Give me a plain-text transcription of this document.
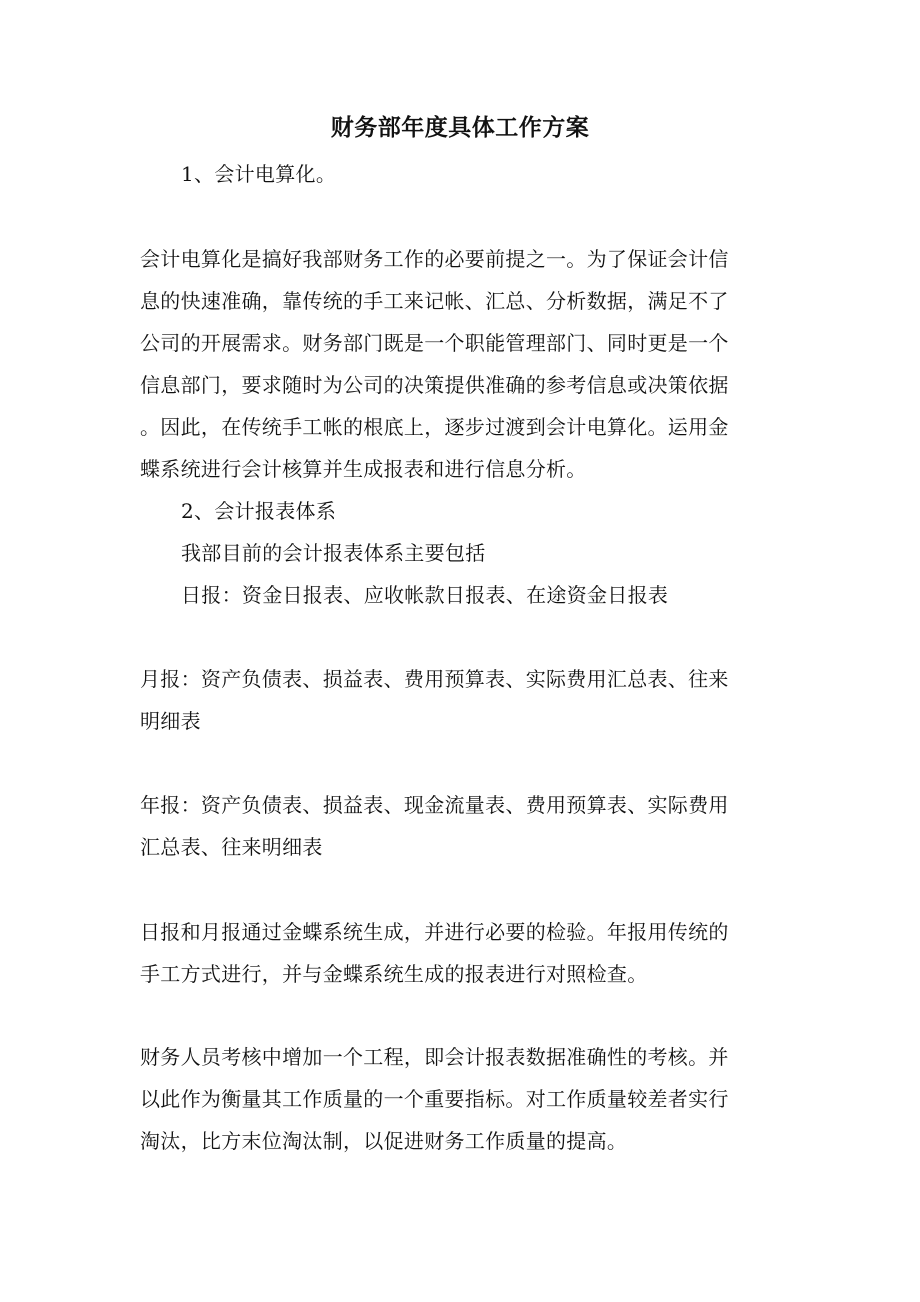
财务部年度具体工作方案
1、会计电算化。
会计电算化是搞好我部财务工作的必要前提之一。为了保证会计信
息的快速准确，靠传统的手工来记帐、汇总、分析数据，满足不了
公司的开展需求。财务部门既是一个职能管理部门、同时更是一个
信息部门，要求随时为公司的决策提供准确的参考信息或决策依据
。因此，在传统手工帐的根底上，逐步过渡到会计电算化。运用金
蝶系统进行会计核算并生成报表和进行信息分析。
2、会计报表体系
我部目前的会计报表体系主要包括
日报：资金日报表、应收帐款日报表、在途资金日报表
月报：资产负债表、损益表、费用预算表、实际费用汇总表、往来
明细表
年报：资产负债表、损益表、现金流量表、费用预算表、实际费用
汇总表、往来明细表
日报和月报通过金蝶系统生成，并进行必要的检验。年报用传统的
手工方式进行，并与金蝶系统生成的报表进行对照检查。
财务人员考核中增加一个工程，即会计报表数据准确性的考核。并
以此作为衡量其工作质量的一个重要指标。对工作质量较差者实行
淘汰，比方末位淘汰制，以促进财务工作质量的提高。
